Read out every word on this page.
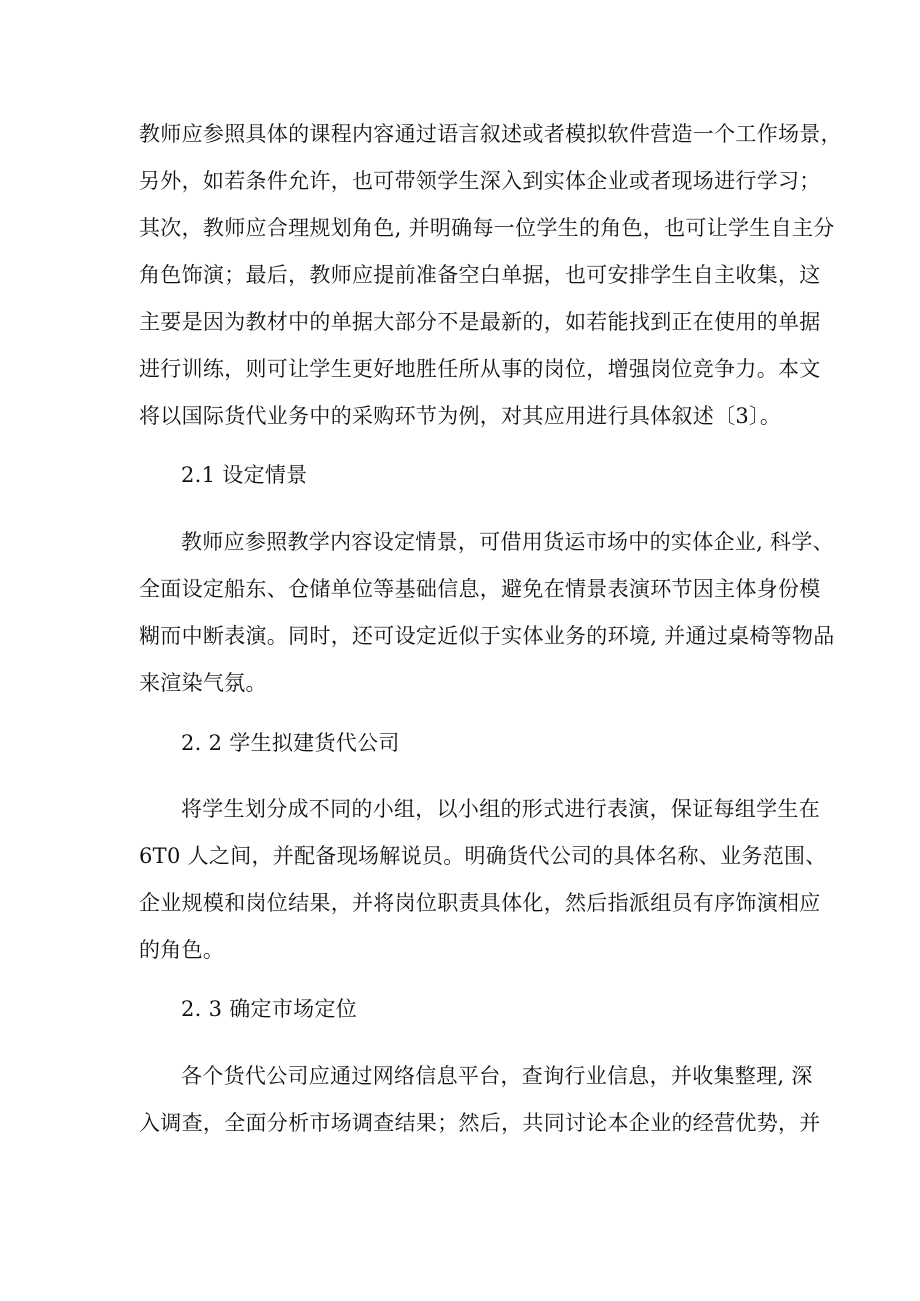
教师应参照具体的课程内容通过语言叙述或者模拟软件营造一个工作场景，
另外，如若条件允许，也可带领学生深入到实体企业或者现场进行学习；
其次，教师应合理规划角色, 并明确每一位学生的角色，也可让学生自主分
角色饰演；最后，教师应提前准备空白单据，也可安排学生自主收集，这
主要是因为教材中的单据大部分不是最新的，如若能找到正在使用的单据
进行训练，则可让学生更好地胜任所从事的岗位，增强岗位竞争力。本文
将以国际货代业务中的采购环节为例，对其应用进行具体叙述〔3〕。
2.1 设定情景
教师应参照教学内容设定情景，可借用货运市场中的实体企业, 科学、
全面设定船东、仓储单位等基础信息，避免在情景表演环节因主体身份模
糊而中断表演。同时，还可设定近似于实体业务的环境, 并通过桌椅等物品
来渲染气氛。
2. 2 学生拟建货代公司
将学生划分成不同的小组，以小组的形式进行表演，保证每组学生在
6T0 人之间，并配备现场解说员。明确货代公司的具体名称、业务范围、
企业规模和岗位结果，并将岗位职责具体化，然后指派组员有序饰演相应
的角色。
2. 3 确定市场定位
各个货代公司应通过网络信息平台，查询行业信息，并收集整理, 深
入调查，全面分析市场调查结果；然后，共同讨论本企业的经营优势，并
